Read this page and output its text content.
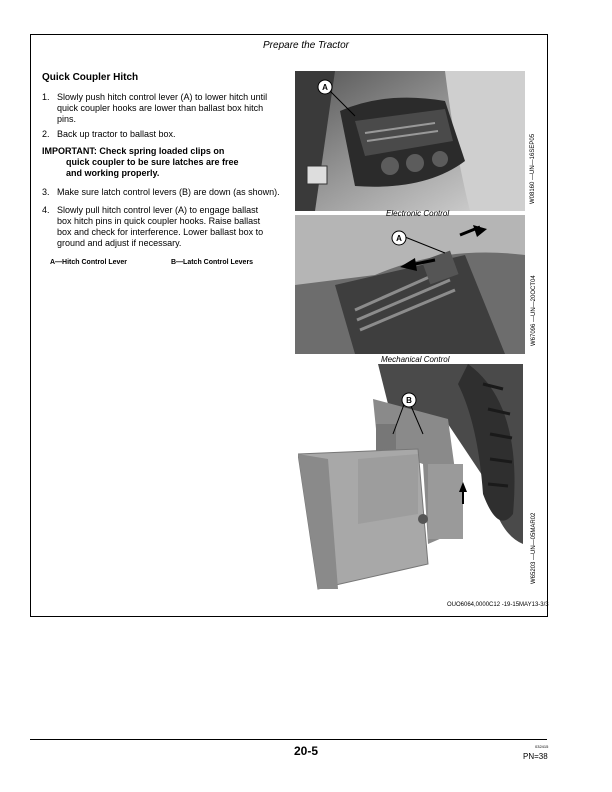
Prepare the Tractor
Quick Coupler Hitch
1. Slowly push hitch control lever (A) to lower hitch until
quick coupler hooks are lower than ballast box hitch
pins.
2. Back up tractor to ballast box.
IMPORTANT: Check spring loaded clips on
quick coupler to be sure latches are free
and working properly.
3. Make sure latch control levers (B) are down (as shown).
4. Slowly pull hitch control lever (A) to engage ballast
box hitch pins in quick coupler hooks. Raise ballast
box and check for interference. Lower ballast box to
ground and adjust if necessary.
A—Hitch Control Lever	B—Latch Control Levers
A
W08160 —UN—16SEP05
A
Electronic Control
W67096 —UN—20OCT04
B
Mechanical Control
W65203 —UN—05MAR02
OUO6064,0000C12 -19-15MAY13-3/3
20-5	032415
PN=38
